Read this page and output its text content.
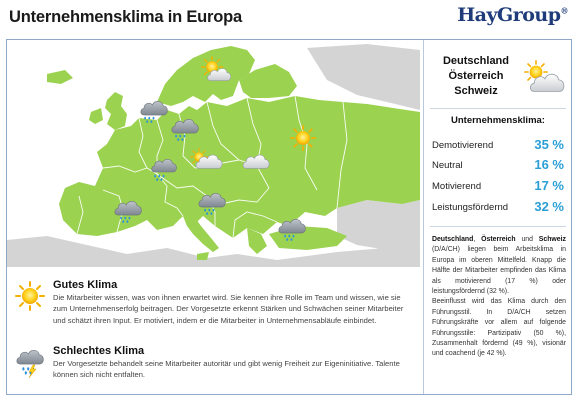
Unternehmensklima in Europa	HayGroup®
Gutes Klima
Die Mitarbeiter wissen, was von ihnen erwartet wird. Sie kennen ihre Rolle im Team und wissen, wie sie zum Unternehmenserfolg beitragen. Der Vorgesetzte erkennt Stärken und Schwächen seiner Mitarbeiter und schätzt ihren Input. Er motiviert, indem er die Mitarbeiter in Unternehmensabläufe einbindet.
Schlechtes Klima
Der Vorgesetzte behandelt seine Mitarbeiter autoritär und gibt wenig Freiheit zur Eigeninitiative. Talente können sich nicht entfalten.
Deutschland
Österreich
Schweiz
Unternehmensklima:
Demotivierend	35 %
Neutral	16 %
Motivierend	17 %
Leistungsfördernd 32 %

Deutschland, Österreich und Schweiz (D/A/CH) liegen beim Arbeitsklima in Europa im oberen Mittelfeld. Knapp die Hälfte der Mitarbeiter empfinden das Klima als motivierend (17 %) oder leistungsfördernd (32 %).

Beeinflusst wird das Klima durch den Führungsstil. In D/A/CH setzen Führungskräfte vor allem auf folgende Führungsstile: Partizipativ (50 %), Zusammenhalt fördernd (49 %), visionär und coachend (je 42 %).
